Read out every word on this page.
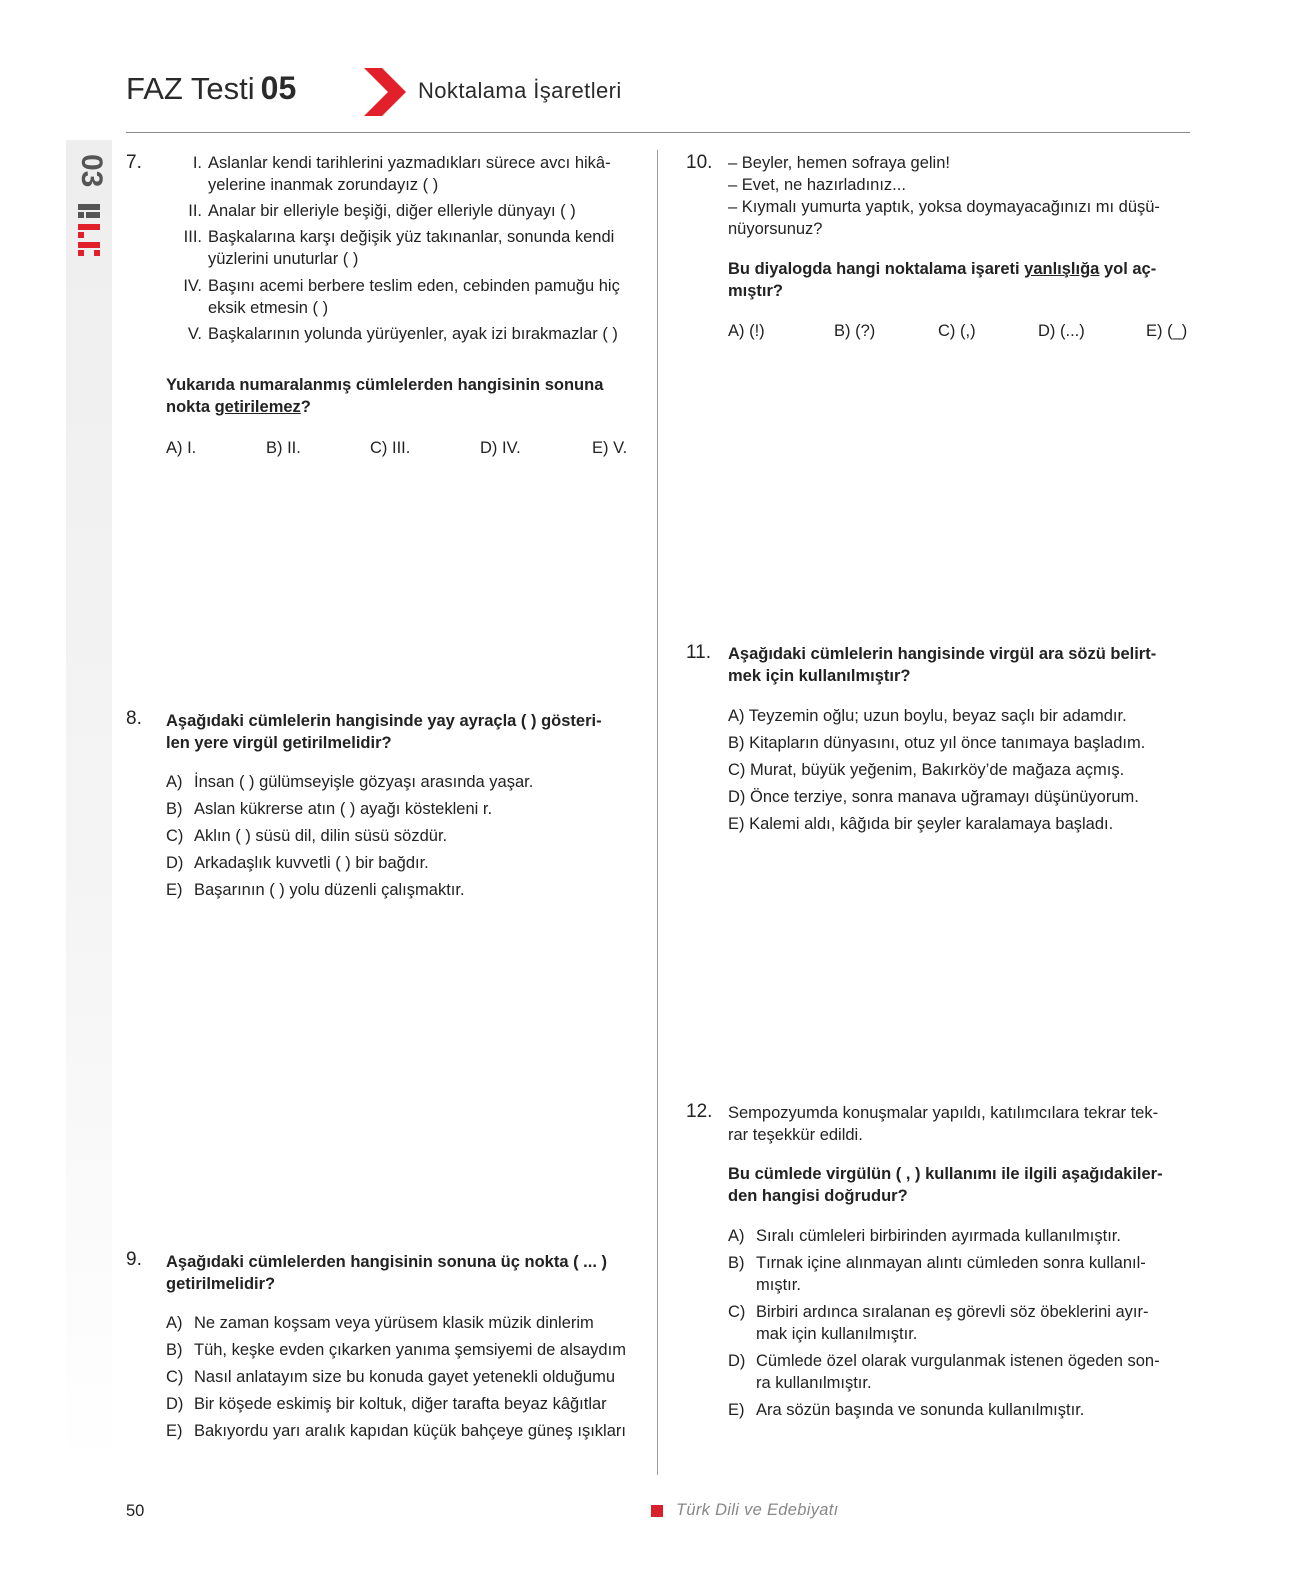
FAZ Testi 05	Noktalama İşaretleri
03 7.	I. Aslanlar kendi tarihlerini yazmadıkları sürece avcı hikâ-
yelerine inanmak zorundayız ( )
II. Analar bir elleriyle beşiği, diğer elleriyle dünyayı ( )
III. Başkalarına karşı değişik yüz takınanlar, sonunda kendi
yüzlerini unuturlar ( )
IV. Başını acemi berbere teslim eden, cebinden pamuğu hiç
eksik etmesin ( )
V. Başkalarının yolunda yürüyenler, ayak izi bırakmazlar ( )
Yukarıda numaralanmış cümlelerden hangisinin sonuna
nokta getirilemez?
A) I.	B) II.	C) III.	D) IV.	E) V.
8. Aşağıdaki cümlelerin hangisinde yay ayraçla ( ) gösteri-
len yere virgül getirilmelidir?
A) İnsan ( ) gülümseyişle gözyaşı arasında yaşar.
B) Aslan kükrerse atın ( ) ayağı köstekleni r.
C) Aklın ( ) süsü dil, dilin süsü sözdür.
D) Arkadaşlık kuvvetli ( ) bir bağdır.
E) Başarının ( ) yolu düzenli çalışmaktır.
9. Aşağıdaki cümlelerden hangisinin sonuna üç nokta ( ... )
getirilmelidir?
A) Ne zaman koşsam veya yürüsem klasik müzik dinlerim
B) Tüh, keşke evden çıkarken yanıma şemsiyemi de alsaydım
C) Nasıl anlatayım size bu konuda gayet yetenekli olduğumu
D) Bir köşede eskimiş bir koltuk, diğer tarafta beyaz kâğıtlar
E) Bakıyordu yarı aralık kapıdan küçük bahçeye güneş ışıkları
10. – Beyler, hemen sofraya gelin!
– Evet, ne hazırladınız...
– Kıymalı yumurta yaptık, yoksa doymayacağınızı mı düşü-
nüyorsunuz?
Bu diyalogda hangi noktalama işareti yanlışlığa yol aç-
mıştır?
A) (!)	B) (?)	C) (,)	D) (...)	E) (_)
11. Aşağıdaki cümlelerin hangisinde virgül ara sözü belirt-
mek için kullanılmıştır?
A) Teyzemin oğlu; uzun boylu, beyaz saçlı bir adamdır.
B) Kitapların dünyasını, otuz yıl önce tanımaya başladım.
C) Murat, büyük yeğenim, Bakırköy’de mağaza açmış.
D) Önce terziye, sonra manava uğramayı düşünüyorum.
E) Kalemi aldı, kâğıda bir şeyler karalamaya başladı.
12. Sempozyumda konuşmalar yapıldı, katılımcılara tekrar tek-
rar teşekkür edildi.
Bu cümlede virgülün ( , ) kullanımı ile ilgili aşağıdakiler-
den hangisi doğrudur?
A) Sıralı cümleleri birbirinden ayırmada kullanılmıştır.
B) Tırnak içine alınmayan alıntı cümleden sonra kullanıl-
mıştır.
C) Birbiri ardınca sıralanan eş görevli söz öbeklerini ayır-
mak için kullanılmıştır.
D) Cümlede özel olarak vurgulanmak istenen ögeden son-
ra kullanılmıştır.
E) Ara sözün başında ve sonunda kullanılmıştır.
50	Türk Dili ve Edebiyatı
